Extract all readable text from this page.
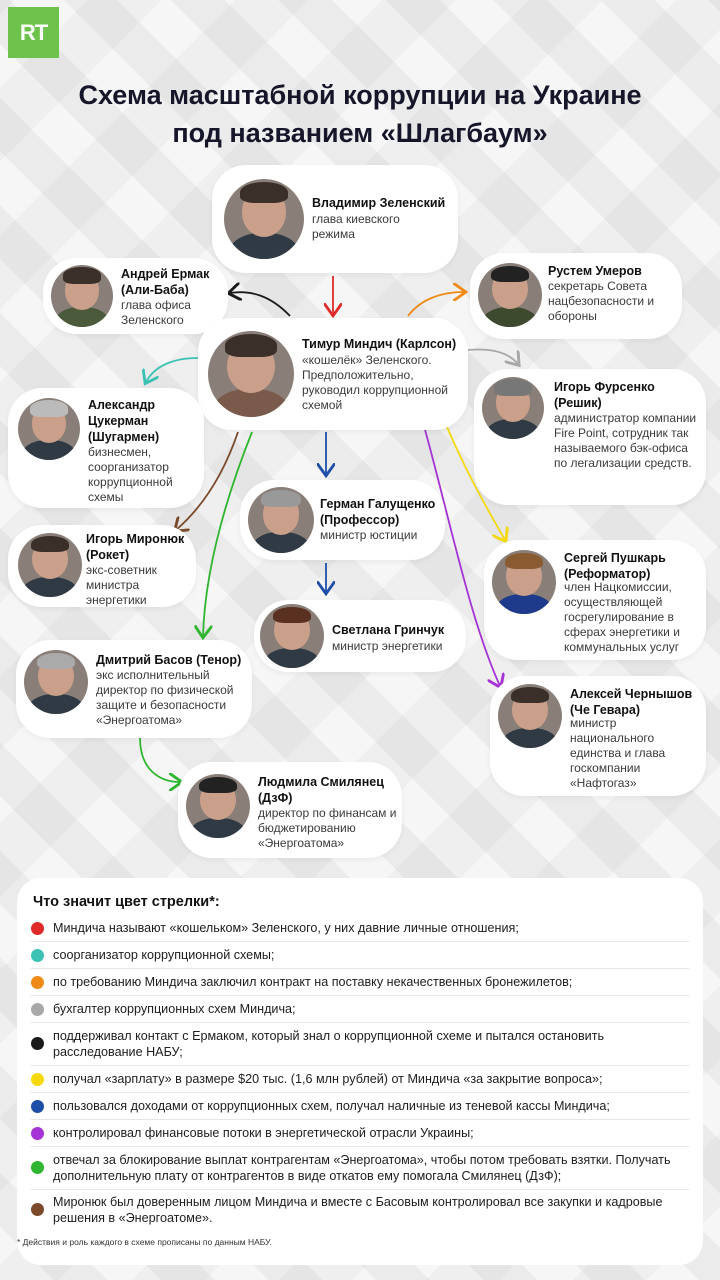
RT
Схема масштабной коррупции на Украине
под названием «Шлагбаум»
Владимир Зеленский
глава киевского режима
Андрей Ермак (Али-Баба)
глава офиса Зеленского
Рустем Умеров
секретарь Совета нацбезопасности и обороны
Тимур Миндич (Карлсон)
«кошелёк» Зеленского. Предположительно, руководил коррупционной схемой
Александр Цукерман (Шугармен)
бизнесмен, соорганизатор коррупционной схемы
Игорь Фурсенко (Решик)
администратор компании Fire Point, сотрудник так называемого бэк-офиса по легализации средств.
Герман Галущенко (Профессор)
министр юстиции
Игорь Миронюк (Рокет)
экс-советник министра энергетики
Сергей Пушкарь (Реформатор)
член Нацкомиссии, осуществляющей госрегулирование в сферах энергетики и коммунальных услуг
Светлана Гринчук
министр энергетики
Дмитрий Басов (Тенор)
экс исполнительный директор по физической защите и безопасности «Энергоатома»
Алексей Чернышов (Че Гевара)
министр национального единства и глава госкомпании «Нафтогаз»
Людмила Смилянец (ДзФ)
директор по финансам и бюджетированию «Энергоатома»
Что значит цвет стрелки*:
Миндича называют «кошельком» Зеленского, у них давние личные отношения;
соорганизатор коррупционной схемы;
по требованию Миндича заключил контракт на поставку некачественных бронежилетов;
бухгалтер коррупционных схем Миндича;
поддерживал контакт с Ермаком, который знал о коррупционной схеме и пытался остановить расследование НАБУ;
получал «зарплату» в размере $20 тыс. (1,6 млн рублей) от Миндича «за закрытие вопроса»;
пользовался доходами от коррупционных схем, получал наличные из теневой кассы Миндича;
контролировал финансовые потоки в энергетической отрасли Украины;
отвечал за блокирование выплат контрагентам «Энергоатома», чтобы потом требовать взятки. Получать дополнительную плату от контрагентов в виде откатов ему помогала Смилянец (ДзФ);
Миронюк был доверенным лицом Миндича и вместе с Басовым контролировал все закупки и кадровые решения в «Энергоатоме».
* Действия и роль каждого в схеме прописаны по данным НАБУ.
